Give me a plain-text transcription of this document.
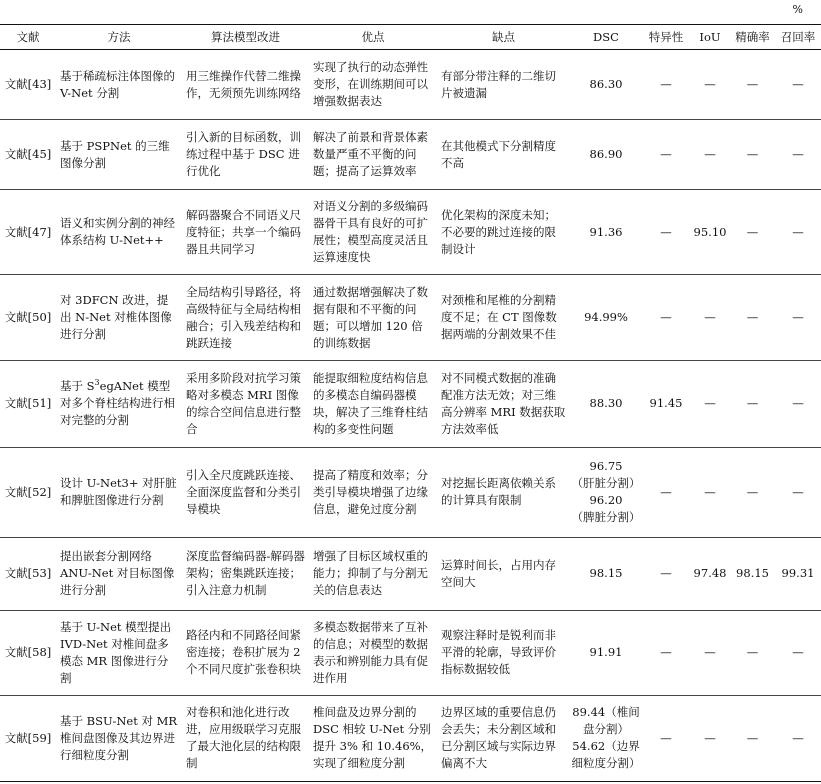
%
文献	方法	算法模型改进	优点	缺点	DSC	特异性	IoU	精确率	召回率
文献[43]	基于稀疏标注体图像的 V-Net 分割	用三维操作代替二维操作，无须预先训练网络	实现了执行的动态弹性变形，在训练期间可以增强数据表达	有部分带注释的二维切片被遗漏	86.30	—	—	—	—
文献[45]	基于 PSPNet 的三维图像分割	引入新的目标函数，训练过程中基于 DSC 进行优化	解决了前景和背景体素数量严重不平衡的问题；提高了运算效率	在其他模式下分割精度不高	86.90	—	—	—	—
文献[47]	语义和实例分割的神经体系结构 U-Net++	解码器聚合不同语义尺度特征；共享一个编码器且共同学习	对语义分割的多级编码器骨干具有良好的可扩展性；模型高度灵活且运算速度快	优化架构的深度未知；不必要的跳过连接的限制设计	91.36	—	95.10	—	—
文献[50]	对 3DFCN 改进，提出 N-Net 对椎体图像进行分割	全局结构引导路径，将高级特征与全局结构相融合；引入残差结构和跳跃连接	通过数据增强解决了数据有限和不平衡的问题；可以增加 120 倍的训练数据	对颈椎和尾椎的分割精度不足；在 CT 图像数据两端的分割效果不佳	94.99%	—	—	—	—
文献[51]	基于 $S^3egANet$ 模型对多个脊柱结构进行相对完整的分割	采用多阶段对抗学习策略对多模态 MRI 图像的综合空间信息进行整合	能提取细粒度结构信息的多模态自编码器模块，解决了三维脊柱结构的多变性问题	对不同模式数据的准确配准方法无效；对三维高分辨率 MRI 数据获取方法效率低	88.30	91.45	—	—	—
文献[52]	设计 U-Net3+ 对肝脏和脾脏图像进行分割	引入全尺度跳跃连接、全面深度监督和分类引导模块	提高了精度和效率；分类引导模块增强了边缘信息，避免过度分割	对挖掘长距离依赖关系的计算具有限制	96.75
（肝脏分割）
96.20
（脾脏分割）	—	—	—	—
文献[53]	提出嵌套分割网络 ANU-Net 对目标图像进行分割	深度监督编码器-解码器架构；密集跳跃连接；引入注意力机制	增强了目标区域权重的能力；抑制了与分割无关的信息表达	运算时间长，占用内存空间大	98.15	—	97.48	98.15	99.31
文献[58]	基于 U-Net 模型提出 IVD-Net 对椎间盘多模态 MR 图像进行分割	路径内和不同路径间紧密连接；卷积扩展为 2 个不同尺度扩张卷积块	多模态数据带来了互补的信息；对模型的数据表示和辨别能力具有促进作用	观察注释时是锐利而非平滑的轮廓，导致评价指标数据较低	91.91	—	—	—	—
文献[59]	基于 BSU-Net 对 MR 椎间盘图像及其边界进行细粒度分割	对卷积和池化进行改进，应用级联学习克服了最大池化层的结构限制	椎间盘及边界分割的 DSC 相较 U-Net 分别提升 3% 和 10.46%，实现了细粒度分割	边界区域的重要信息仍会丢失；未分割区域和已分割区域与实际边界偏离不大	89.44（椎间
盘分割）
54.62（边界
细粒度分割）	—	—	—	—
